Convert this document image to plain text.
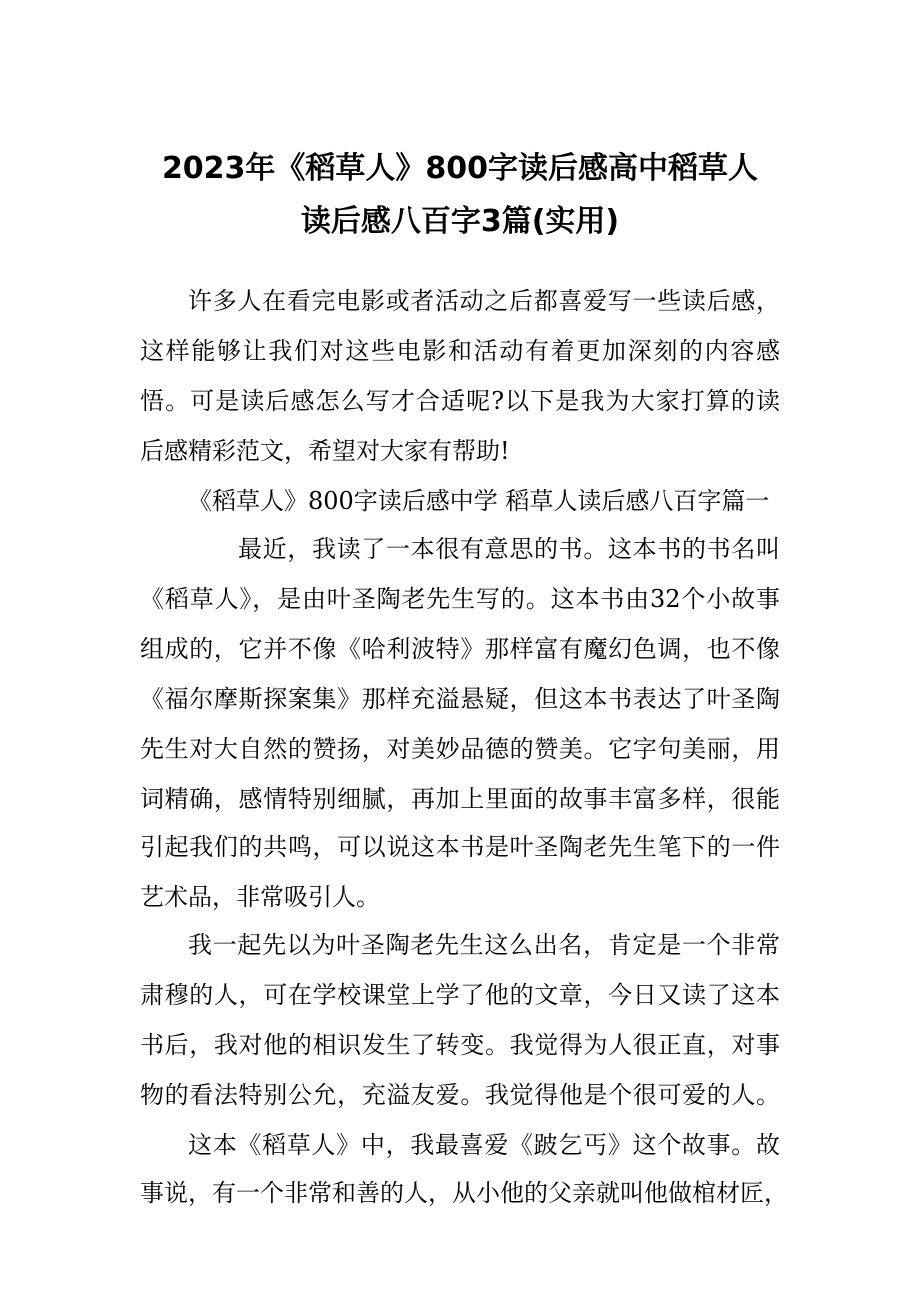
2023年《稻草人》800字读后感高中稻草人
读后感八百字3篇(实用)
许多人在看完电影或者活动之后都喜爱写一些读后感，
这样能够让我们对这些电影和活动有着更加深刻的内容感
悟。可是读后感怎么写才合适呢?以下是我为大家打算的读
后感精彩范文，希望对大家有帮助!
《稻草人》800字读后感中学 稻草人读后感八百字篇一
最近，我读了一本很有意思的书。这本书的书名叫
《稻草人》，是由叶圣陶老先生写的。这本书由32个小故事
组成的，它并不像《哈利波特》那样富有魔幻色调，也不像
《福尔摩斯探案集》那样充溢悬疑，但这本书表达了叶圣陶
先生对大自然的赞扬，对美妙品德的赞美。它字句美丽，用
词精确，感情特别细腻，再加上里面的故事丰富多样，很能
引起我们的共鸣，可以说这本书是叶圣陶老先生笔下的一件
艺术品，非常吸引人。
我一起先以为叶圣陶老先生这么出名，肯定是一个非常
肃穆的人，可在学校课堂上学了他的文章，今日又读了这本
书后，我对他的相识发生了转变。我觉得为人很正直，对事
物的看法特别公允，充溢友爱。我觉得他是个很可爱的人。
这本《稻草人》中，我最喜爱《跛乞丐》这个故事。故
事说，有一个非常和善的人，从小他的父亲就叫他做棺材匠，
